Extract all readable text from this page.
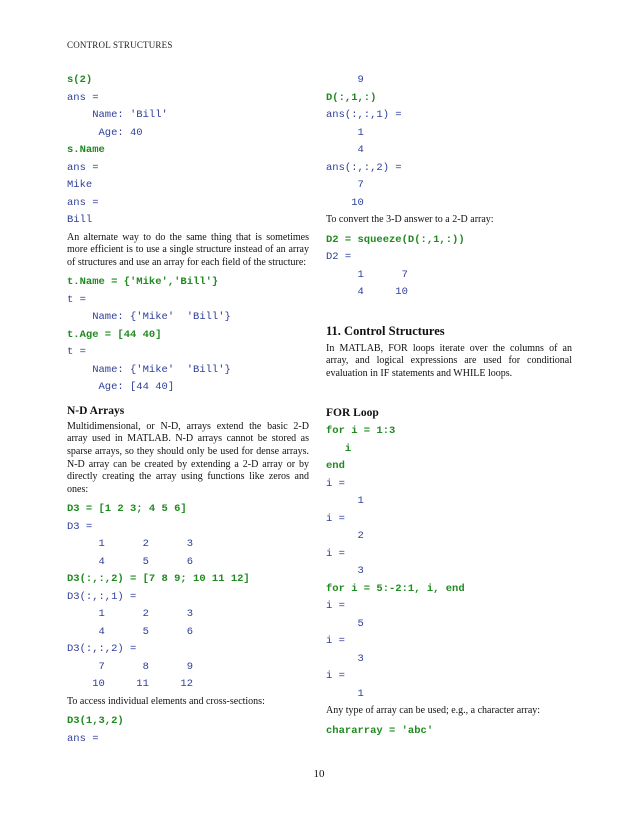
CONTROL STRUCTURES
s(2)
ans =
Name: 'Bill'
Age: 40
s.Name
ans =
Mike
ans =
Bill

An alternate way to do the same thing that is sometimes more efficient is to use a single structure instead of an array of structures and use an array for each field of the structure:

t.Name = {'Mike','Bill'}
t =
Name: {'Mike'  'Bill'}
t.Age = [44 40]
t =
Name: {'Mike'  'Bill'}
Age: [44 40]
N-D Arrays

Multidimensional, or N-D, arrays extend the basic 2-D array used in MATLAB. N-D arrays cannot be stored as sparse arrays, so they should only be used for dense arrays. N-D array can be created by extending a 2-D array or by directly creating the array using functions like zeros and ones:

D3 = [1 2 3; 4 5 6]
D3 =
1      2      3
4      5      6
D3(:,:,2) = [7 8 9; 10 11 12]
D3(:,:,1) =
1      2      3
4      5      6
D3(:,:,2) =
7      8      9
10     11     12

To access individual elements and cross-sections:

D3(1,3,2)
ans =
9
D(:,1,:)
ans(:,:,1) =
1
4
ans(:,:,2) =
7
10

To convert the 3-D answer to a 2-D array:

D2 = squeeze(D(:,1,:))
D2 =
1      7
4     10
11. Control Structures

In MATLAB, FOR loops iterate over the columns of an array, and logical expressions are used for conditional evaluation in IF statements and WHILE loops.

FOR Loop
for i = 1:3
i
end
i =
1
i =
2
i =
3
for i = 5:-2:1, i, end
i =
5
i =
3
i =
1

Any type of array can be used; e.g., a character array:

chararray = 'abc'
10
